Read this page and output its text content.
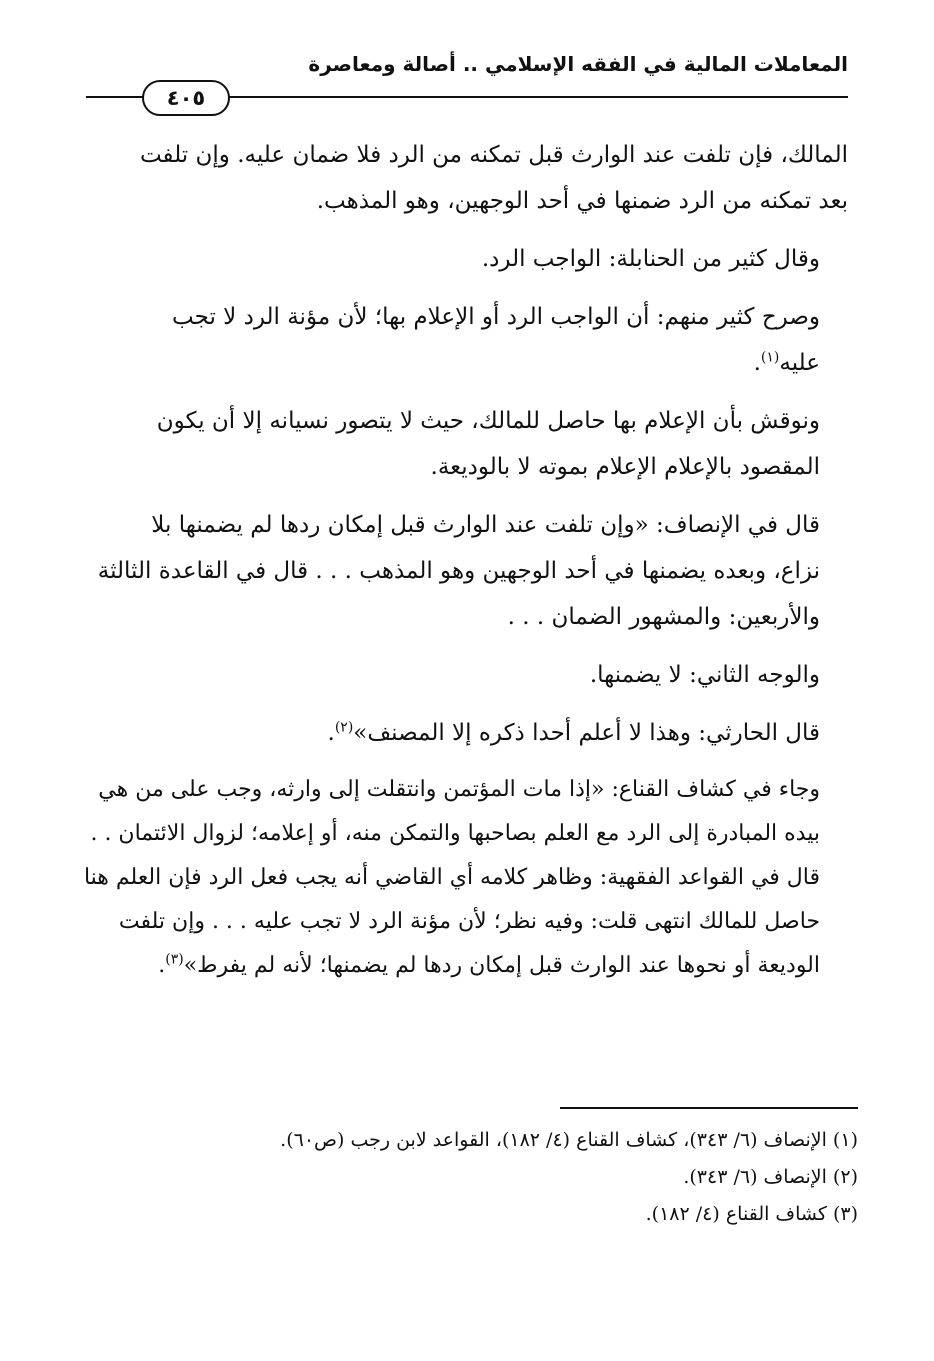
المعاملات المالية في الفقه الإسلامي .. أصالة ومعاصرة
٤٠٥

المالك، فإن تلفت عند الوارث قبل تمكنه من الرد فلا ضمان عليه. وإن تلفت
بعد تمكنه من الرد ضمنها في أحد الوجهين، وهو المذهب.

وقال كثير من الحنابلة: الواجب الرد.

وصرح كثير منهم: أن الواجب الرد أو الإعلام بها؛ لأن مؤنة الرد لا تجب
عليه$^{(١)}$.

ونوقش بأن الإعلام بها حاصل للمالك، حيث لا يتصور نسيانه إلا أن يكون
المقصود بالإعلام الإعلام بموته لا بالوديعة.

قال في الإنصاف: «وإن تلفت عند الوارث قبل إمكان ردها لم يضمنها بلا
نزاع، وبعده يضمنها في أحد الوجهين وهو المذهب . . . قال في القاعدة الثالثة
والأربعين: والمشهور الضمان . . .

والوجه الثاني: لا يضمنها.

قال الحارثي: وهذا لا أعلم أحدا ذكره إلا المصنف»$^{(٢)}$.

وجاء في كشاف القناع: «إذا مات المؤتمن وانتقلت إلى وارثه، وجب على من هي
بيده المبادرة إلى الرد مع العلم بصاحبها والتمكن منه، أو إعلامه؛ لزوال الائتمان . .
قال في القواعد الفقهية: وظاهر كلامه أي القاضي أنه يجب فعل الرد فإن العلم هنا
حاصل للمالك انتهى قلت: وفيه نظر؛ لأن مؤنة الرد لا تجب عليه . . . وإن تلفت
الوديعة أو نحوها عند الوارث قبل إمكان ردها لم يضمنها؛ لأنه لم يفرط»$^{(٣)}$.

(١) الإنصاف (٦/ ٣٤٣)، كشاف القناع (٤/ ١٨٢)، القواعد لابن رجب (ص٦٠).
(٢) الإنصاف (٦/ ٣٤٣).
(٣) كشاف القناع (٤/ ١٨٢).
